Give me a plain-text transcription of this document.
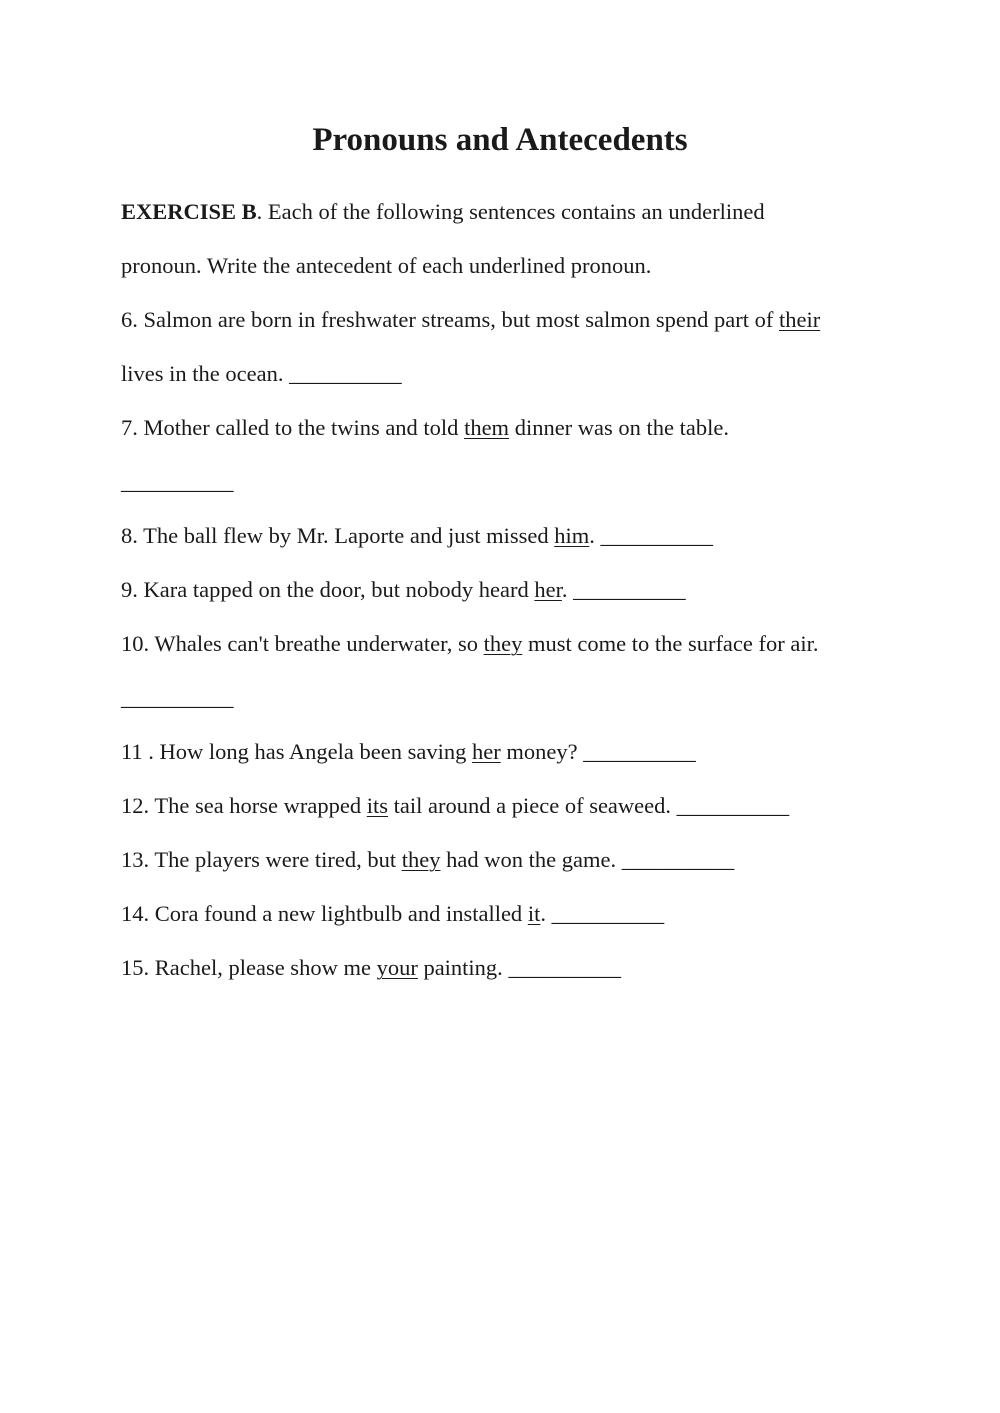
Pronouns and Antecedents
EXERCISE B. Each of the following sentences contains an underlined
pronoun. Write the antecedent of each underlined pronoun.
6. Salmon are born in freshwater streams, but most salmon spend part of their
lives in the ocean. __________
7. Mother called to the twins and told them dinner was on the table.
__________
8. The ball flew by Mr. Laporte and just missed him. __________
9. Kara tapped on the door, but nobody heard her. __________
10. Whales can't breathe underwater, so they must come to the surface for air.
__________
11 . How long has Angela been saving her money? __________
12. The sea horse wrapped its tail around a piece of seaweed. __________
13. The players were tired, but they had won the game. __________
14. Cora found a new lightbulb and installed it. __________
15. Rachel, please show me your painting. __________
